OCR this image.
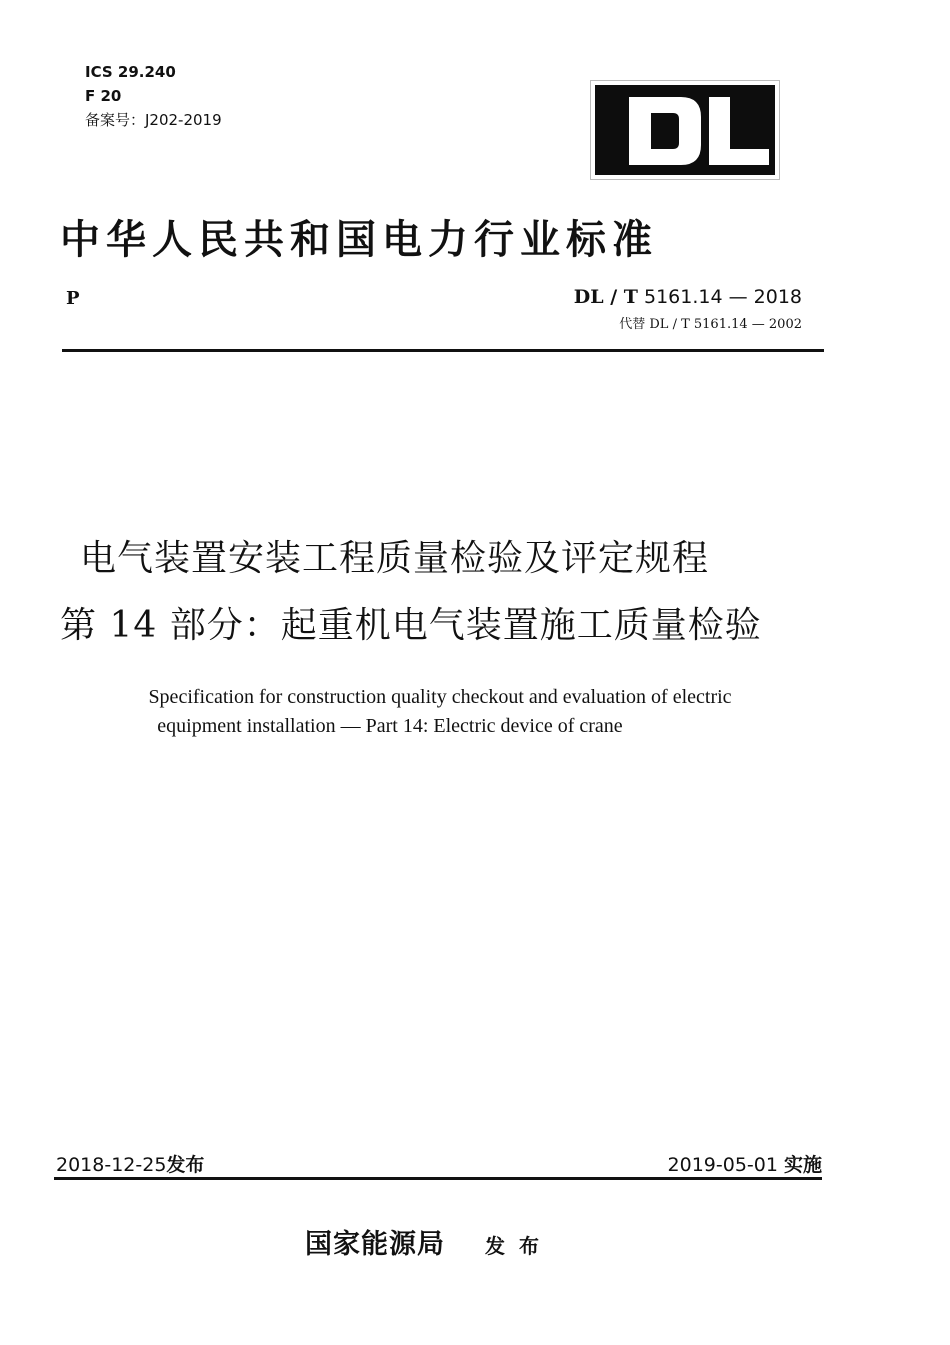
ICS 29.240
F 20
备案号：J202-2019
中华人民共和国电力行业标准
P	DL / T 5161.14 — 2018
代替 DL / T 5161.14 — 2002
电气装置安装工程质量检验及评定规程
第 14 部分：起重机电气装置施工质量检验
Specification for construction quality checkout and evaluation of electric
equipment installation — Part 14: Electric device of crane
2018-12-25发布	2019-05-01 实施
国家能源局 发布
